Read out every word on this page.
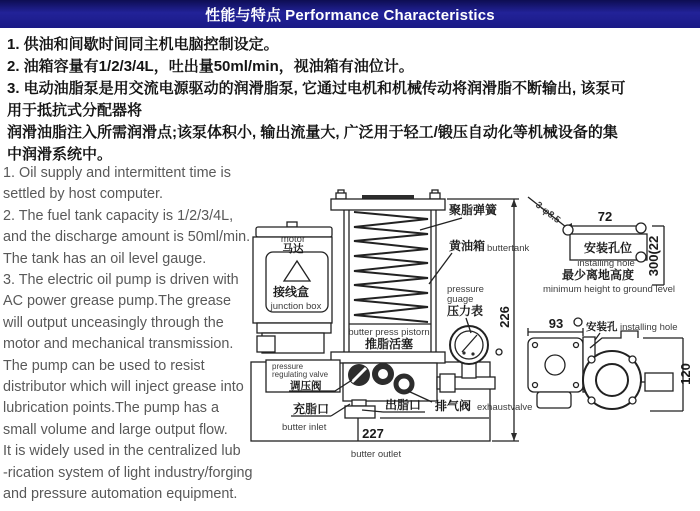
性能与特点 Performance Characteristics
1. 供油和间歇时间同主机电脑控制设定。
2. 油箱容量有1/2/3/4L，吐出量50ml/min，视油箱有油位计。
3. 电动油脂泵是用交流电源驱动的润滑脂泵, 它通过电机和机械传动将润滑脂不断输出, 该泵可
用于抵抗式分配器将
润滑油脂注入所需润滑点;该泵体积小, 输出流量大, 广泛用于轻工/锻压自动化等机械设备的集
中润滑系统中。
1. Oil supply and intermittent time is
settled by host computer.
2. The fuel tank capacity is 1/2/3/4L,
and the discharge amount is 50ml/min.
The tank has an oil level gauge.
3. The electric oil pump is driven with
AC power grease pump.The grease
will output unceasingly through the
motor and mechanical transmission.
The pump can be used to resist
distributor which will inject grease into
lubrication points.The pump has a
small volume and large output flow.
It is widely used in the centralized lub
-rication system of light industry/forging
and pressure automation equipment.
motor
马达
接线盒
junction box
butter press pistorn
推脂活塞
pressure
regulating valve
调压阀
pressure
guage
压力表
聚脂弹簧
黄油箱 buttertank
226
3-φ8.5	72
安装孔位
installing hole
最少离地高度
minimum height to ground level
300(22
充脂口
butter inlet
出脂口 排气阀 exhaustvalve
227
butter outlet
93 安装孔 installing hole
120
